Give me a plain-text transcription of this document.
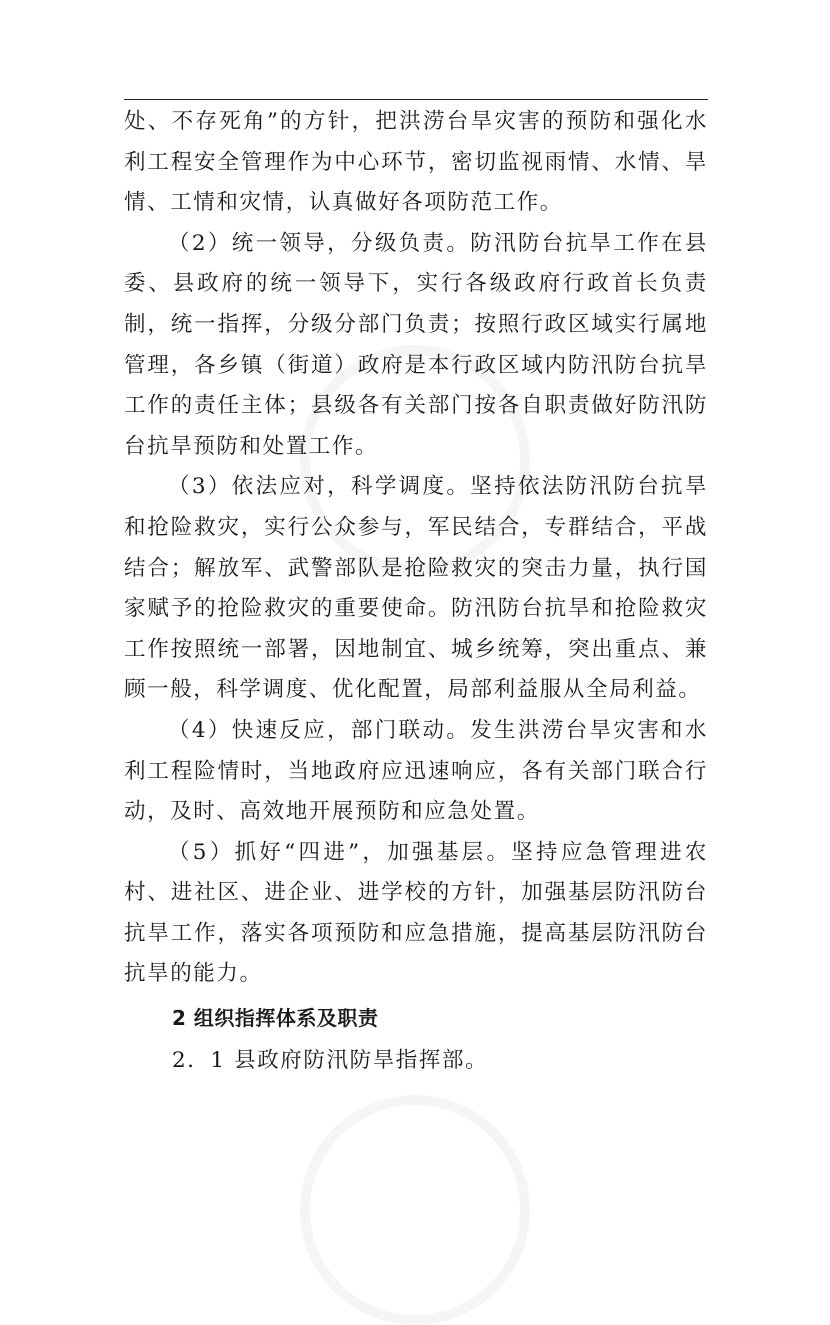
处、不存死角”的方针，把洪涝台旱灾害的预防和强化水利工程安全管理作为中心环节，密切监视雨情、水情、旱情、工情和灾情，认真做好各项防范工作。

（2）统一领导，分级负责。防汛防台抗旱工作在县委、县政府的统一领导下，实行各级政府行政首长负责制，统一指挥，分级分部门负责；按照行政区域实行属地管理，各乡镇（街道）政府是本行政区域内防汛防台抗旱工作的责任主体；县级各有关部门按各自职责做好防汛防台抗旱预防和处置工作。

（3）依法应对，科学调度。坚持依法防汛防台抗旱和抢险救灾，实行公众参与，军民结合，专群结合，平战结合；解放军、武警部队是抢险救灾的突击力量，执行国家赋予的抢险救灾的重要使命。防汛防台抗旱和抢险救灾工作按照统一部署，因地制宜、城乡统筹，突出重点、兼顾一般，科学调度、优化配置，局部利益服从全局利益。

（4）快速反应，部门联动。发生洪涝台旱灾害和水利工程险情时，当地政府应迅速响应，各有关部门联合行动，及时、高效地开展预防和应急处置。

（5）抓好“四进”，加强基层。坚持应急管理进农村、进社区、进企业、进学校的方针，加强基层防汛防台抗旱工作，落实各项预防和应急措施，提高基层防汛防台抗旱的能力。

2 组织指挥体系及职责

2．1 县政府防汛防旱指挥部。
